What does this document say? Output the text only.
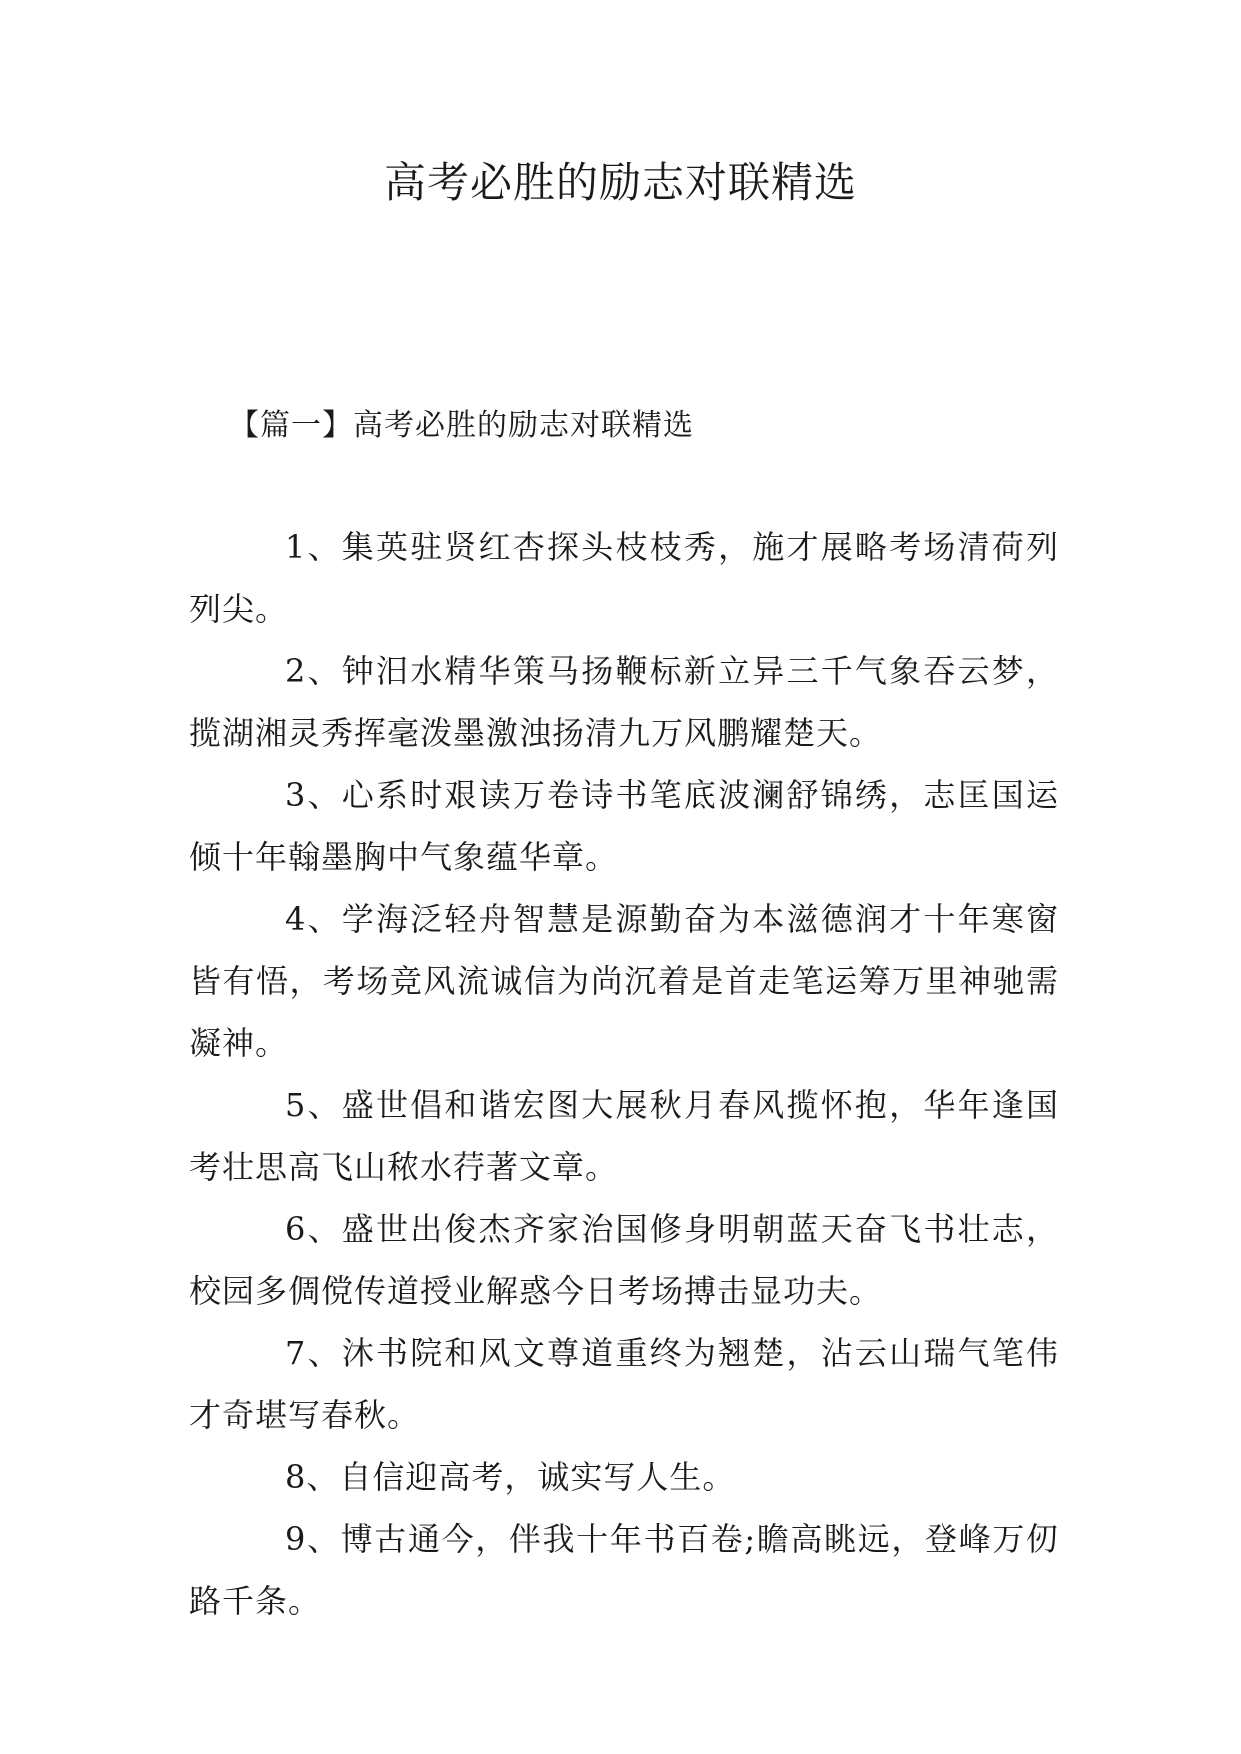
高考必胜的励志对联精选
【篇一】高考必胜的励志对联精选
1、集英驻贤红杏探头枝枝秀，施才展略考场清荷列列尖。
2、钟汨水精华策马扬鞭标新立异三千气象吞云梦，揽湖湘灵秀挥毫泼墨激浊扬清九万风鹏耀楚天。
3、心系时艰读万卷诗书笔底波澜舒锦绣，志匡国运倾十年翰墨胸中气象蕴华章。
4、学海泛轻舟智慧是源勤奋为本滋德润才十年寒窗皆有悟，考场竞风流诚信为尚沉着是首走笔运筹万里神驰需凝神。
5、盛世倡和谐宏图大展秋月春风揽怀抱，华年逢国考壮思高飞山秾水荇著文章。
6、盛世出俊杰齐家治国修身明朝蓝天奋飞书壮志，校园多倜傥传道授业解惑今日考场搏击显功夫。
7、沐书院和风文尊道重终为翘楚，沾云山瑞气笔伟才奇堪写春秋。
8、自信迎高考，诚实写人生。
9、博古通今，伴我十年书百卷;瞻高眺远，登峰万仞路千条。
